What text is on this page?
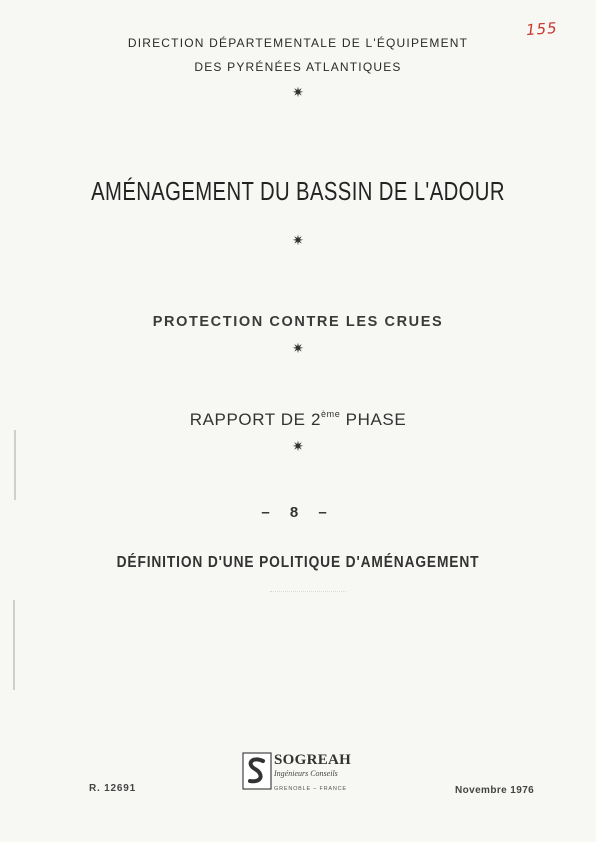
155
DIRECTION DÉPARTEMENTALE DE L'ÉQUIPEMENT
DES PYRÉNÉES ATLANTIQUES
✷
AMÉNAGEMENT DU BASSIN DE L'ADOUR
✷
PROTECTION CONTRE LES CRUES
✷
RAPPORT DE 2ème PHASE
✷
– 8 –
DÉFINITION D'UNE POLITIQUE D'AMÉNAGEMENT
R. 12691
SOGREAH
Ingénieurs Conseils
GRENOBLE – FRANCE	Novembre 1976
